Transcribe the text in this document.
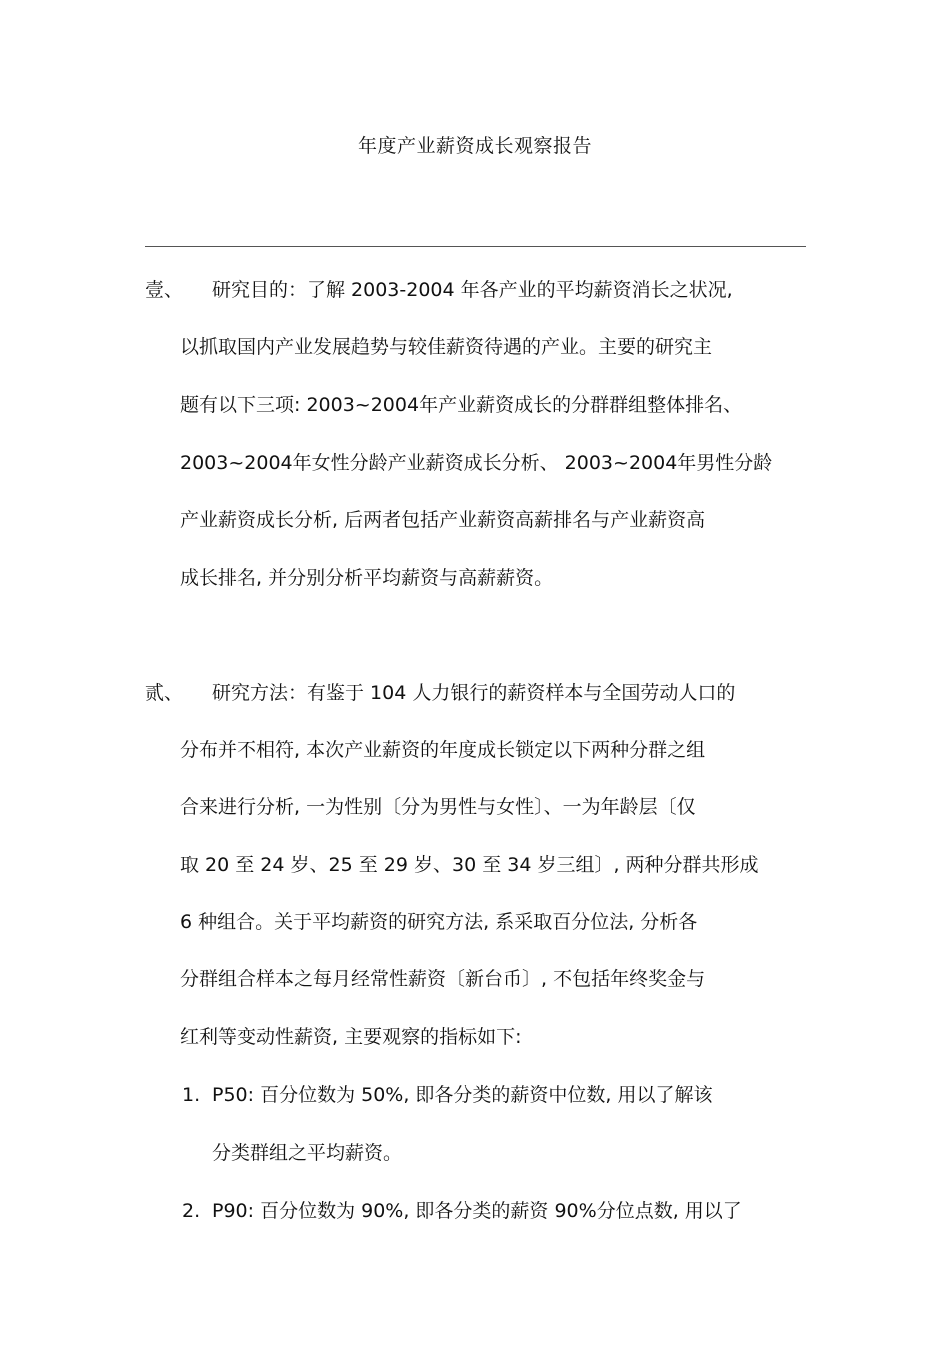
年度产业薪资成长观察报告
壹、 研究目的：了解 2003-2004 年各产业的平均薪资消长之状况,
以抓取国内产业发展趋势与较佳薪资待遇的产业。主要的研究主
题有以下三项: 2003~2004年产业薪资成长的分群群组整体排名、
2003~2004年女性分龄产业薪资成长分析、 2003~2004年男性分龄
产业薪资成长分析, 后两者包括产业薪资高薪排名与产业薪资高
成长排名, 并分别分析平均薪资与高薪薪资。
贰、 研究方法：有鉴于 104 人力银行的薪资样本与全国劳动人口的
分布并不相符, 本次产业薪资的年度成长锁定以下两种分群之组
合来进行分析, 一为性别〔分为男性与女性〕、一为年龄层〔仅
取 20 至 24 岁、25 至 29 岁、30 至 34 岁三组〕, 两种分群共形成
6 种组合。关于平均薪资的研究方法, 系采取百分位法, 分析各
分群组合样本之每月经常性薪资〔新台币〕, 不包括年终奖金与
红利等变动性薪资, 主要观察的指标如下:
1. P50: 百分位数为 50%, 即各分类的薪资中位数, 用以了解该
分类群组之平均薪资。
2. P90: 百分位数为 90%, 即各分类的薪资 90%分位点数, 用以了
